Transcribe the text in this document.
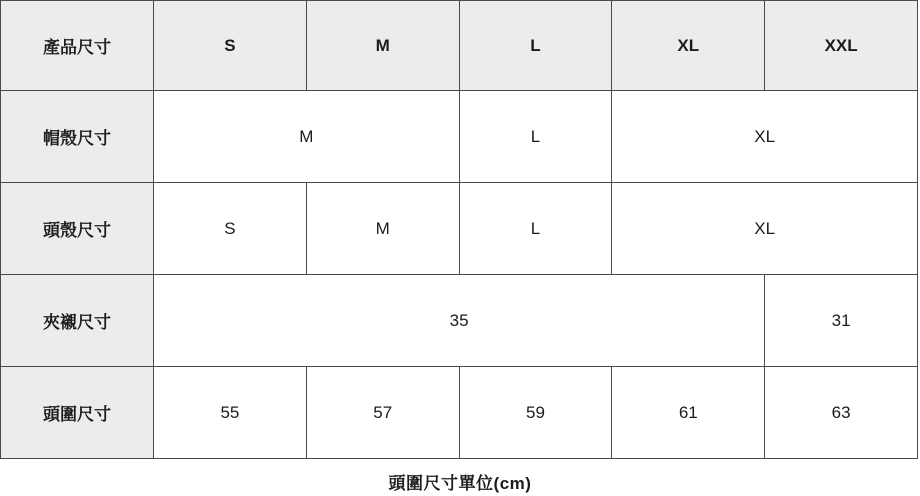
產品尺寸	S	M	L	XL	XXL
帽殼尺寸	M		L	XL	
頭殼尺寸	S	M	L	XL	
夾襯尺寸	35				31
頭圍尺寸	55	57	59	61	63
頭圍尺寸單位(cm)
